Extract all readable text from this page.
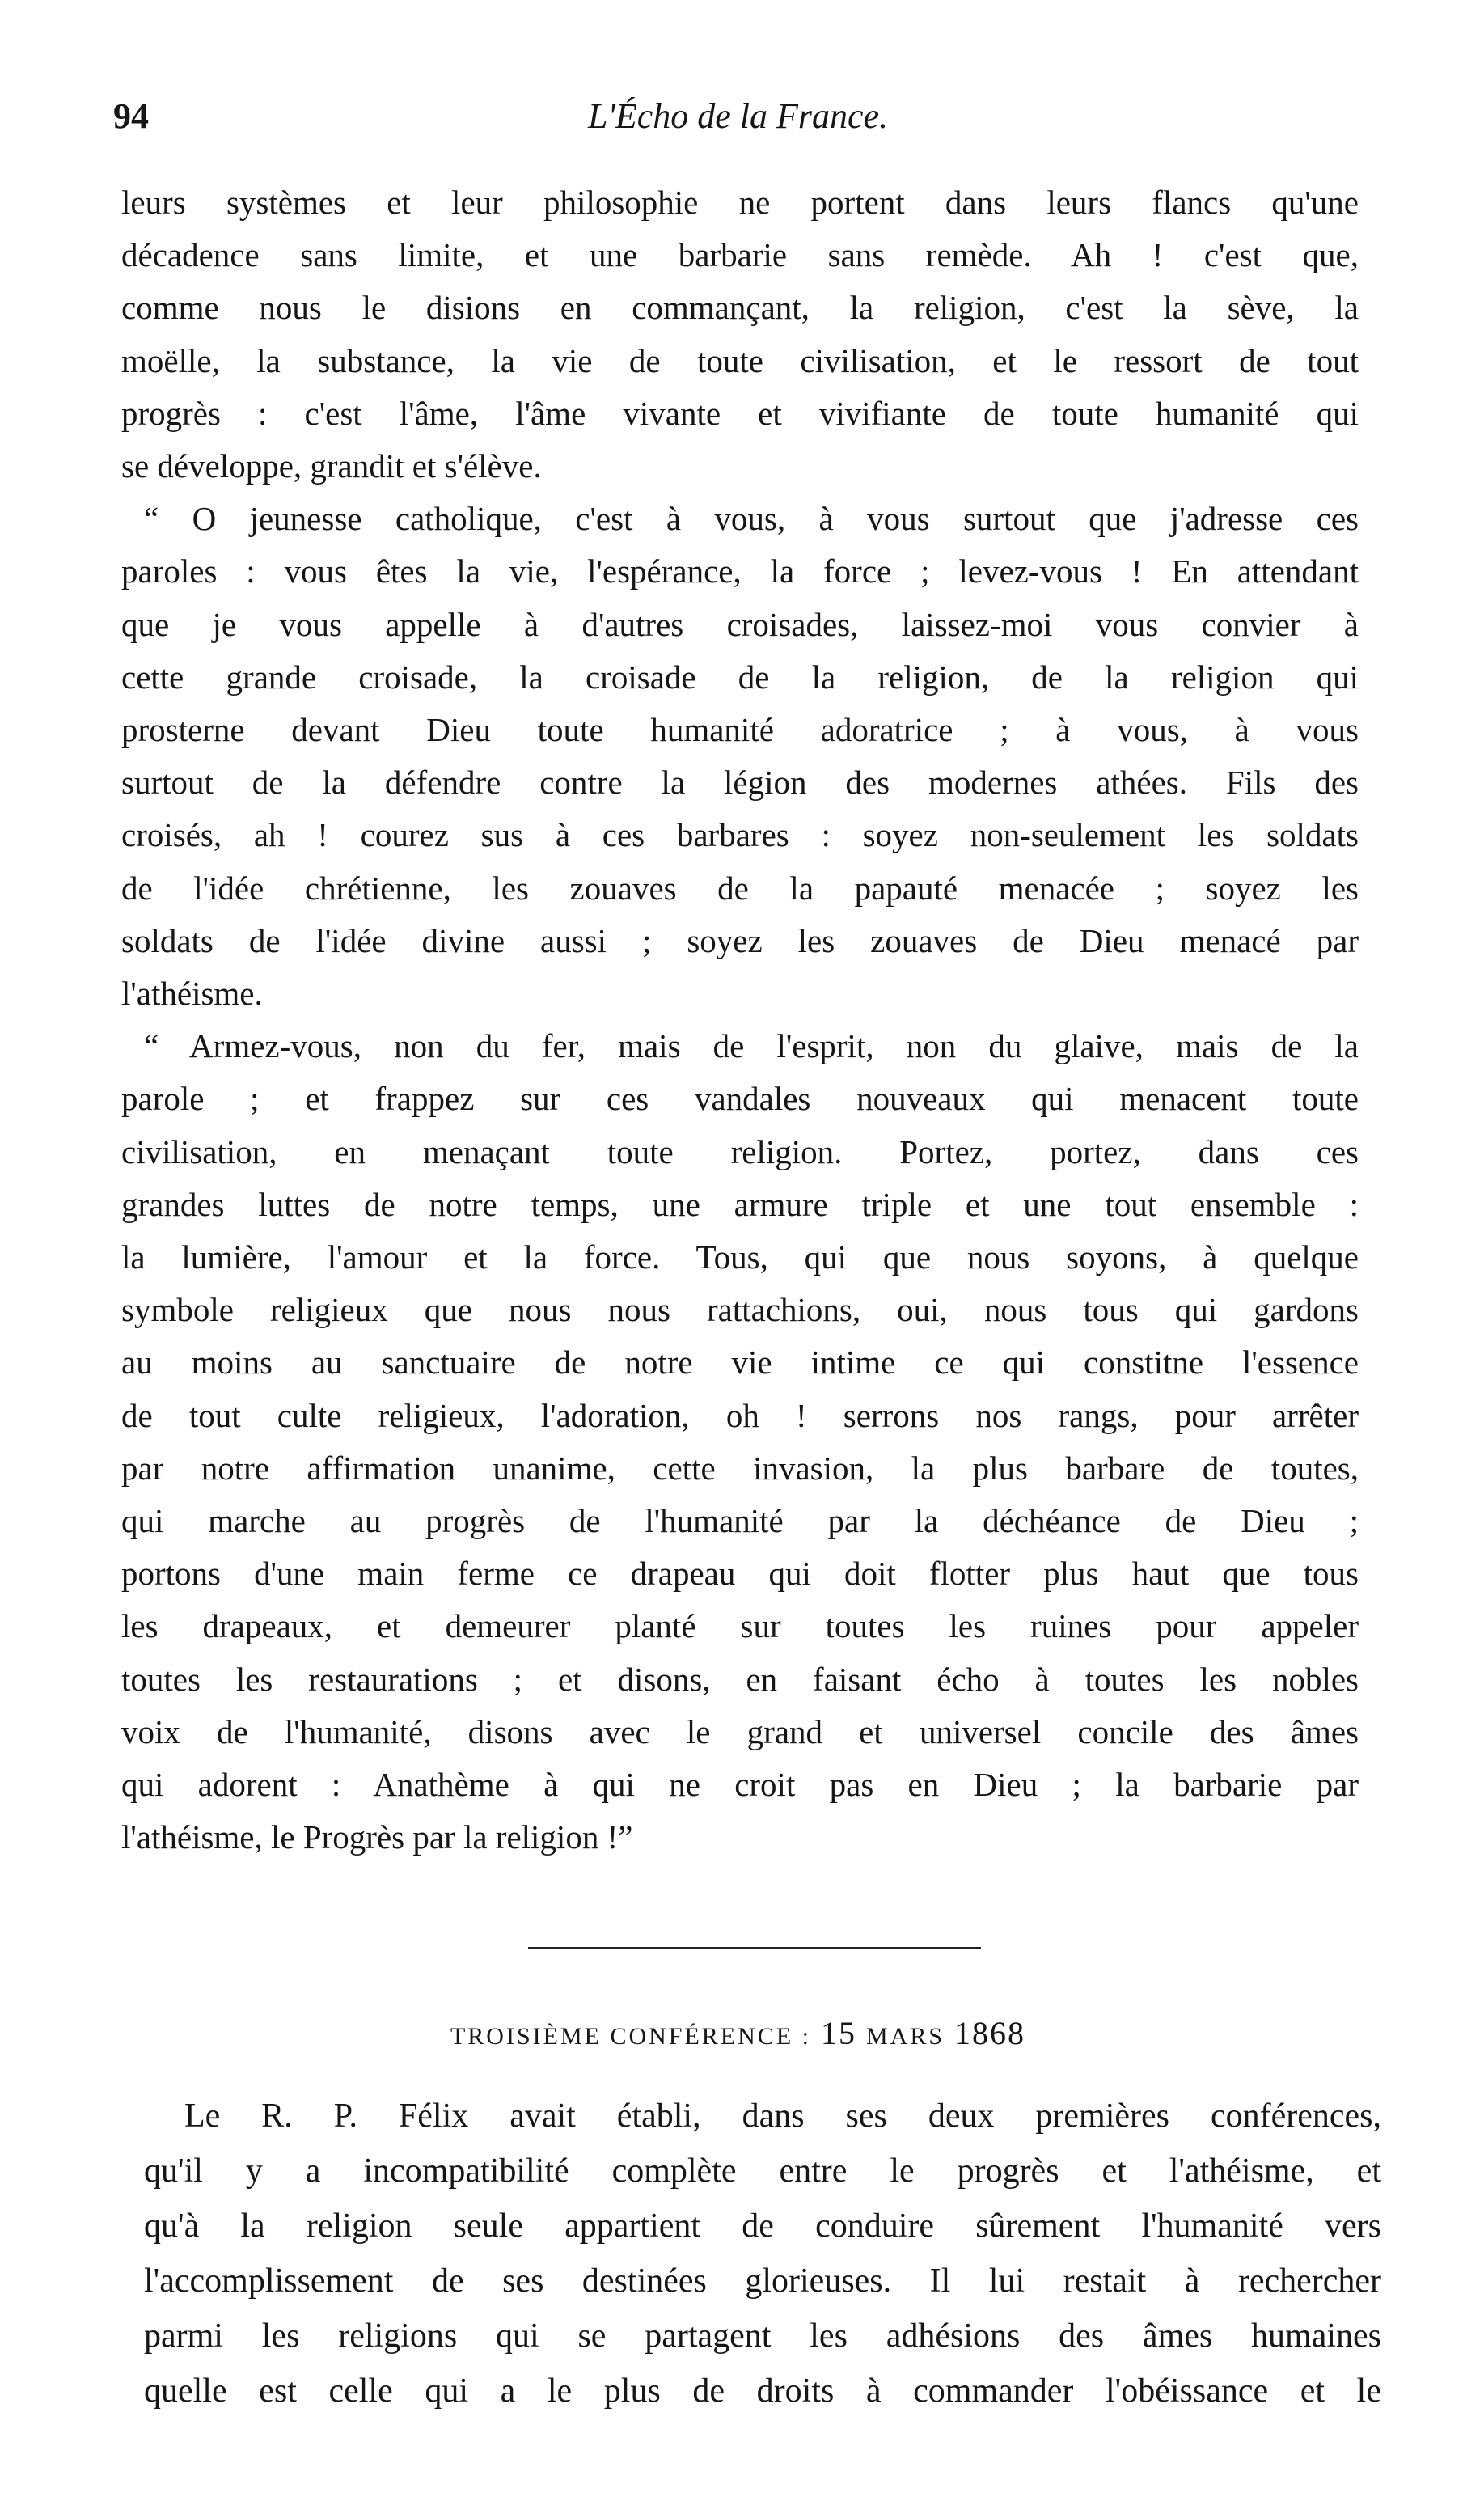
94	L'Écho de la France.

leurs systèmes et leur philosophie ne portent dans leurs flancs qu'une
décadence sans limite, et une barbarie sans remède. Ah ! c'est que,
comme nous le disions en commançant, la religion, c'est la sève, la
moëlle, la substance, la vie de toute civilisation, et le ressort de tout
progrès : c'est l'âme, l'âme vivante et vivifiante de toute humanité qui
se développe, grandit et s'élève.

“ O jeunesse catholique, c'est à vous, à vous surtout que j'adresse ces
paroles : vous êtes la vie, l'espérance, la force ; levez-vous ! En attendant
que je vous appelle à d'autres croisades, laissez-moi vous convier à
cette grande croisade, la croisade de la religion, de la religion qui
prosterne devant Dieu toute humanité adoratrice ; à vous, à vous
surtout de la défendre contre la légion des modernes athées. Fils des
croisés, ah ! courez sus à ces barbares : soyez non-seulement les soldats
de l'idée chrétienne, les zouaves de la papauté menacée ; soyez les
soldats de l'idée divine aussi ; soyez les zouaves de Dieu menacé par
l'athéisme.

“ Armez-vous, non du fer, mais de l'esprit, non du glaive, mais de la
parole ; et frappez sur ces vandales nouveaux qui menacent toute
civilisation, en menaçant toute religion. Portez, portez, dans ces
grandes luttes de notre temps, une armure triple et une tout ensemble :
la lumière, l'amour et la force. Tous, qui que nous soyons, à quelque
symbole religieux que nous nous rattachions, oui, nous tous qui gardons
au moins au sanctuaire de notre vie intime ce qui constitne l'essence
de tout culte religieux, l'adoration, oh ! serrons nos rangs, pour arrêter
par notre affirmation unanime, cette invasion, la plus barbare de toutes,
qui marche au progrès de l'humanité par la déchéance de Dieu ;
portons d'une main ferme ce drapeau qui doit flotter plus haut que tous
les drapeaux, et demeurer planté sur toutes les ruines pour appeler
toutes les restaurations ; et disons, en faisant écho à toutes les nobles
voix de l'humanité, disons avec le grand et universel concile des âmes
qui adorent : Anathème à qui ne croit pas en Dieu ; la barbarie par
l'athéisme, le Progrès par la religion !”

TROISIÈME CONFÉRENCE : 15 MARS 1868

Le R. P. Félix avait établi, dans ses deux premières conférences,
qu'il y a incompatibilité complète entre le progrès et l'athéisme, et
qu'à la religion seule appartient de conduire sûrement l'humanité vers
l'accomplissement de ses destinées glorieuses. Il lui restait à rechercher
parmi les religions qui se partagent les adhésions des âmes humaines
quelle est celle qui a le plus de droits à commander l'obéissance et le
